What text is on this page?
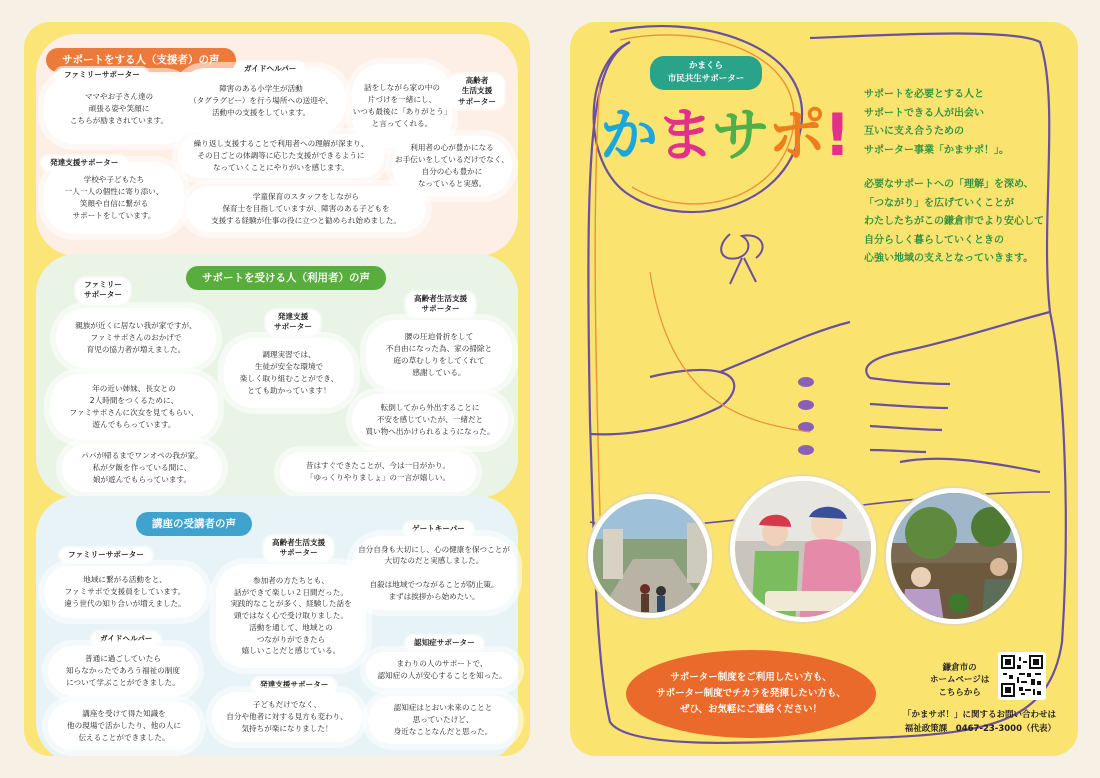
サポートをする人（支援者）の声

ママやお子さん達の
頑張る姿や笑顔に
こちらが励まされています。

ファミリーサポーター

障害のある小学生が活動
（タグラグビー）を行う場所への送迎や、
活動中の支援をしています。

ガイドヘルパー

話をしながら家の中の
片づけを一緒にし、
いつも最後に「ありがとう」
と言ってくれる。

高齢者
生活支援
サポーター

学校や子どもたち
一人一人の個性に寄り添い、
笑顔や自信に繋がる
サポートをしています。

発達支援サポーター

繰り返し支援することで利用者への理解が深まり、
その日ごとの体調等に応じた支援ができるように
なっていくことにやりがいを感じます。

利用者の心が豊かになる
お手伝いをしているだけでなく、
自分の心も豊かに
なっていると実感。

学童保育のスタッフをしながら
保育士を目指していますが、障害のある子どもを
支援する経験が仕事の役に立つと勧められ始めました。

サポートを受ける人（利用者）の声
ファミリー
サポーター

親族が近くに居ない我が家ですが、
ファミサポさんのおかげで
育児の協力者が増えました。

発達支援
サポーター

調理実習では、
生徒が安全な環境で
楽しく取り組むことができ、
とても助かっています！

高齢者生活支援
サポーター

腰の圧迫骨折をして
不自由になった為、家の掃除と
庭の草むしりをしてくれて
感謝している。

年の近い姉妹、長女との
2人時間をつくるために、
ファミサポさんに次女を見てもらい、
遊んでもらっています。

転倒してから外出することに
不安を感じていたが、一緒だと
買い物へ出かけられるようになった。

パパが帰るまでワンオペの我が家。
私が夕飯を作っている間に、
娘が遊んでもらっています。

昔はすぐできたことが、今は一日がかり。
「ゆっくりやりましょ」の一言が嬉しい。

講座の受講者の声
ファミリーサポーター

地域に繋がる活動をと、
ファミサポで支援員をしています。
違う世代の知り合いが増えました。

高齢者生活支援
サポーター

参加者の方たちとも、
話ができて楽しい２日間だった。
実践的なことが多く、経験した話を
頭ではなく心で受け取りました。
活動を通して、地域との
つながりができたら
嬉しいことだと感じている。

ゲートキーパー

自分自身も大切にし、心の健康を保つことが
大切なのだと実感しました。

自殺は地域でつながることが防止策。
まずは挨拶から始めたい。

ガイドヘルパー

普通に過ごしていたら
知らなかったであろう福祉の制度
について学ぶことができました。

認知症サポーター

まわりの人のサポートで、
認知症の人が安心することを知った。

発達支援サポーター

子どもだけでなく、
自分や他者に対する見方も変わり、
気持ちが楽になりました！

講座を受けて得た知識を
他の現場で活かしたり、他の人に
伝えることができました。

認知症はとおい未来のことと
思っていたけど、
身近なことなんだと思った。

かまくら
市民共生サポーター
かまサポ!
サポートを必要とする人と
サポートできる人が出会い
互いに支え合うための
サポーター事業「かまサポ！」。
必要なサポートへの「理解」を深め、
「つながり」を広げていくことが
わたしたちがこの鎌倉市でより安心して
自分らしく暮らしていくときの
心強い地域の支えとなっていきます。
サポーター制度をご利用したい方も、
サポーター制度でチカラを発揮したい方も、
ぜひ、お気軽にご連絡ください！
鎌倉市の
ホームページは
こちらから
「かまサポ！」に関するお問い合わせは
福祉政策課　0467-23-3000（代表）
